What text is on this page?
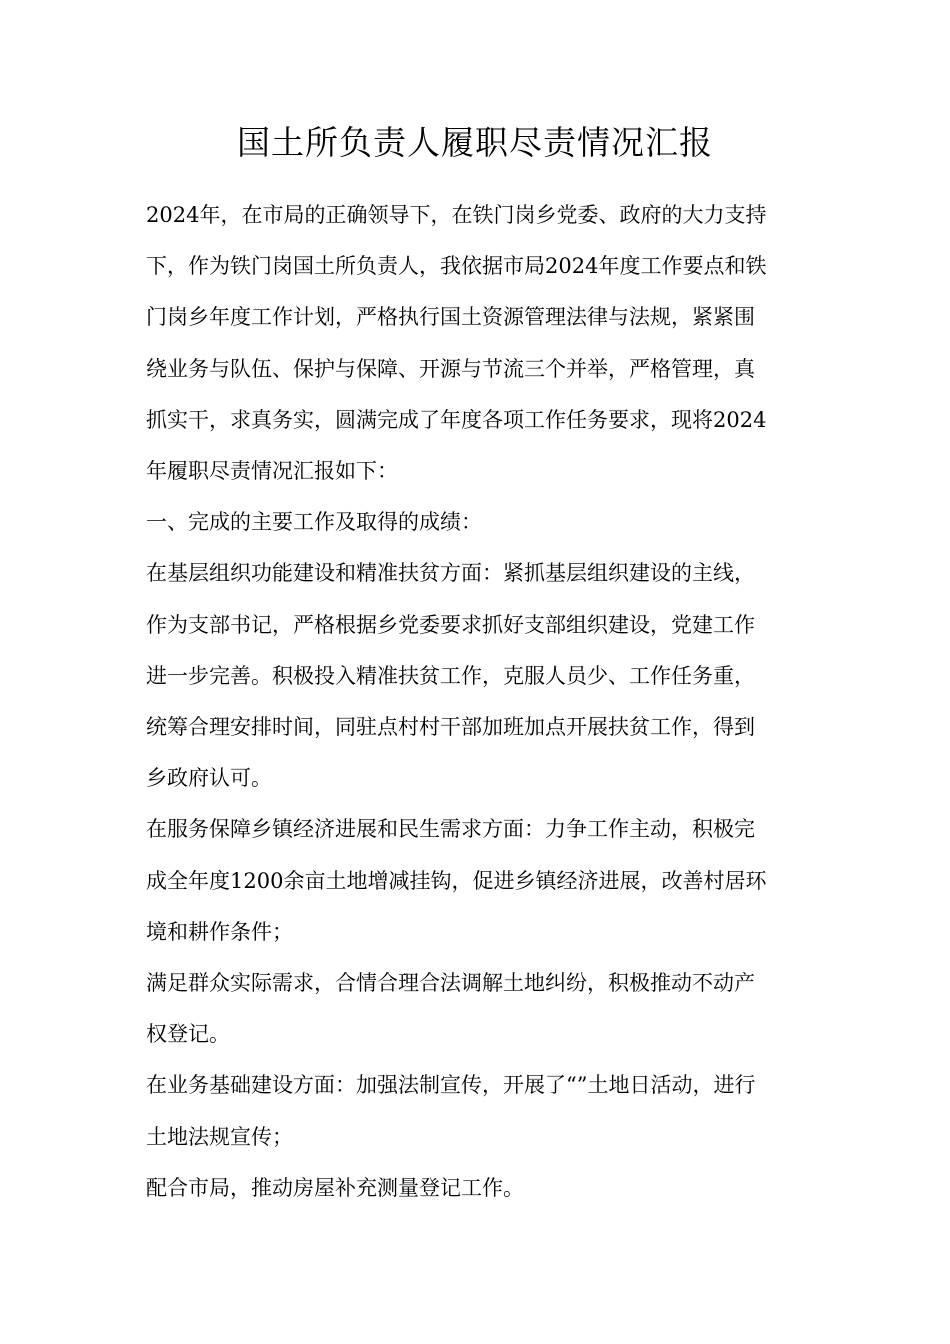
国土所负责人履职尽责情况汇报

2024年，在市局的正确领导下，在铁门岗乡党委、政府的大力支持
下，作为铁门岗国土所负责人，我依据市局2024年度工作要点和铁
门岗乡年度工作计划，严格执行国土资源管理法律与法规，紧紧围
绕业务与队伍、保护与保障、开源与节流三个并举，严格管理，真
抓实干，求真务实，圆满完成了年度各项工作任务要求，现将2024
年履职尽责情况汇报如下：

一、完成的主要工作及取得的成绩：

在基层组织功能建设和精准扶贫方面：紧抓基层组织建设的主线，
作为支部书记，严格根据乡党委要求抓好支部组织建设，党建工作
进一步完善。积极投入精准扶贫工作，克服人员少、工作任务重，
统筹合理安排时间，同驻点村村干部加班加点开展扶贫工作，得到
乡政府认可。

在服务保障乡镇经济进展和民生需求方面：力争工作主动，积极完
成全年度1200余亩土地增减挂钩，促进乡镇经济进展，改善村居环
境和耕作条件；

满足群众实际需求，合情合理合法调解土地纠纷，积极推动不动产
权登记。

在业务基础建设方面：加强法制宣传，开展了“”土地日活动，进行
土地法规宣传；

配合市局，推动房屋补充测量登记工作。
